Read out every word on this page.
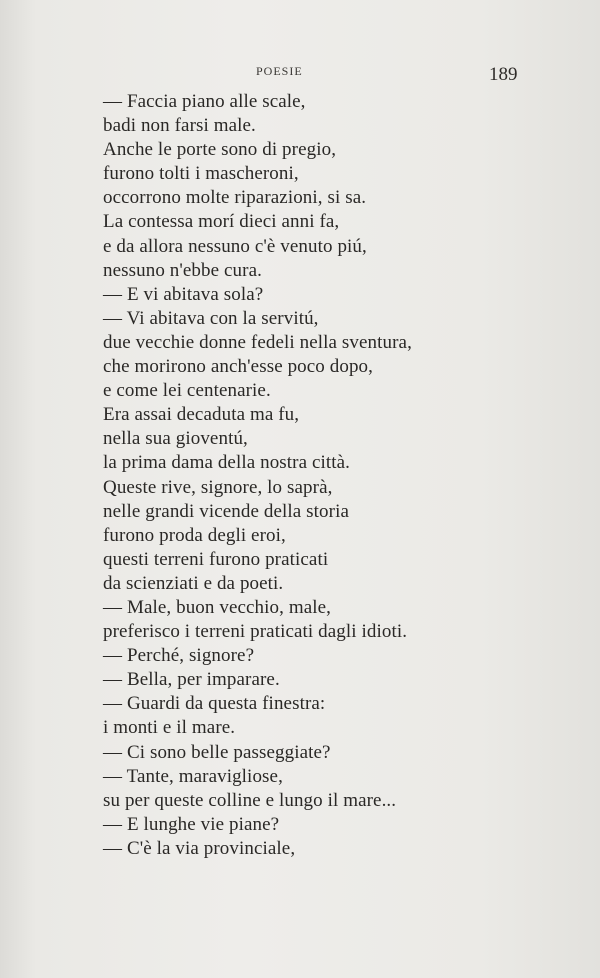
POESIE	189
— Faccia piano alle scale,
badi non farsi male.
Anche le porte sono di pregio,
furono tolti i mascheroni,
occorrono molte riparazioni, si sa.
La contessa morí dieci anni fa,
e da allora nessuno c'è venuto piú,
nessuno n'ebbe cura.
— E vi abitava sola?
— Vi abitava con la servitú,
due vecchie donne fedeli nella sventura,
che morirono anch'esse poco dopo,
e come lei centenarie.
Era assai decaduta ma fu,
nella sua gioventú,
la prima dama della nostra città.
Queste rive, signore, lo saprà,
nelle grandi vicende della storia
furono proda degli eroi,
questi terreni furono praticati
da scienziati e da poeti.
— Male, buon vecchio, male,
preferisco i terreni praticati dagli idioti.
— Perché, signore?
— Bella, per imparare.
— Guardi da questa finestra:
i monti e il mare.
— Ci sono belle passeggiate?
— Tante, maravigliose,
su per queste colline e lungo il mare...
— E lunghe vie piane?
— C'è la via provinciale,
